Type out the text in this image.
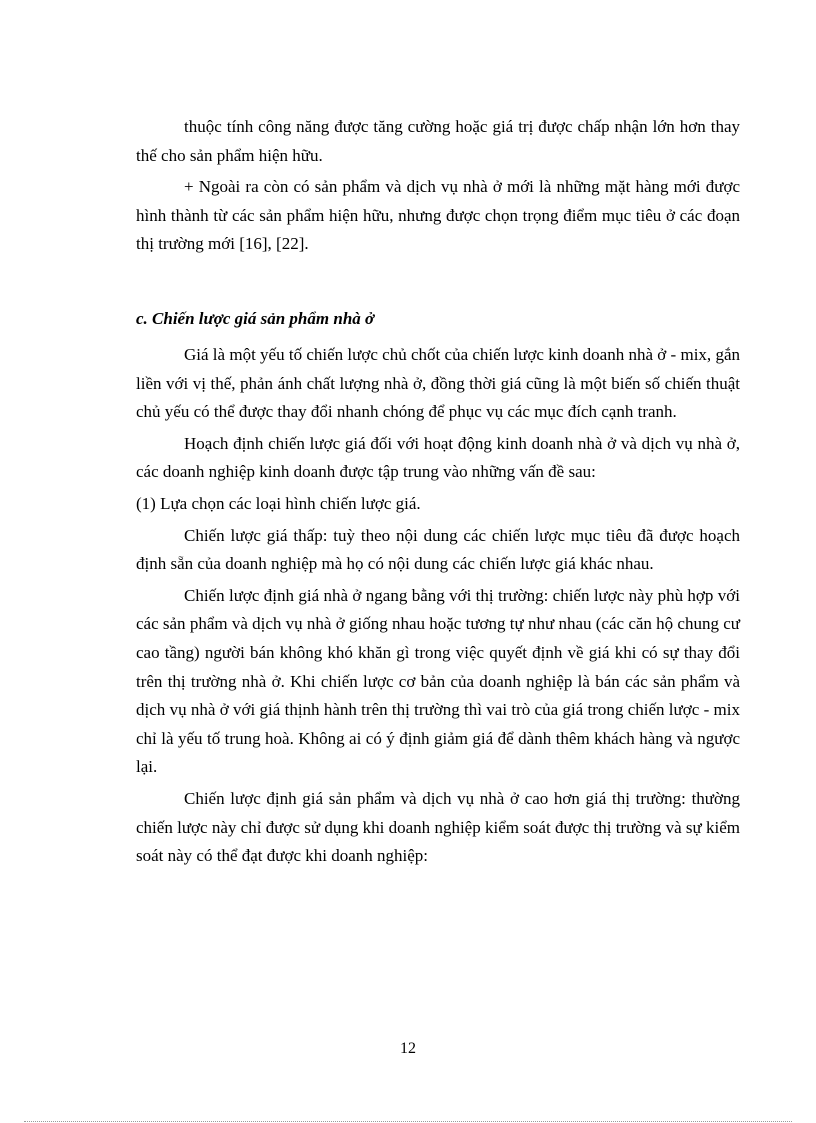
thuộc tính công năng được tăng cường hoặc giá trị được chấp nhận lớn hơn thay thế cho sản phẩm hiện hữu.

+ Ngoài ra còn có sản phẩm và dịch vụ nhà ở mới là những mặt hàng mới được hình thành từ các sản phẩm hiện hữu, nhưng được chọn trọng điểm mục tiêu ở các đoạn thị trường mới [16], [22].

c. Chiến lược giá sản phẩm nhà ở

Giá là một yếu tố chiến lược chủ chốt của chiến lược kinh doanh nhà ở - mix, gắn liền với vị thế, phản ánh chất lượng nhà ở, đồng thời giá cũng là một biến số chiến thuật chủ yếu có thể được thay đổi nhanh chóng để phục vụ các mục đích cạnh tranh.

Hoạch định chiến lược giá đối với hoạt động kinh doanh nhà ở và dịch vụ nhà ở, các doanh nghiệp kinh doanh được tập trung vào những vấn đề sau:

(1) Lựa chọn các loại hình chiến lược giá.

Chiến lược giá thấp: tuỳ theo nội dung các chiến lược mục tiêu đã được hoạch định sẵn của doanh nghiệp mà họ có nội dung các chiến lược giá khác nhau.

Chiến lược định giá nhà ở ngang bằng với thị trường: chiến lược này phù hợp với các sản phẩm và dịch vụ nhà ở giống nhau hoặc tương tự như nhau (các căn hộ chung cư cao tầng) người bán không khó khăn gì trong việc quyết định về giá khi có sự thay đổi trên thị trường nhà ở. Khi chiến lược cơ bản của doanh nghiệp là bán các sản phẩm và dịch vụ nhà ở với giá thịnh hành trên thị trường thì vai trò của giá trong chiến lược - mix chỉ là yếu tố trung hoà. Không ai có ý định giảm giá để dành thêm khách hàng và ngược lại.

Chiến lược định giá sản phẩm và dịch vụ nhà ở cao hơn giá thị trường: thường chiến lược này chỉ được sử dụng khi doanh nghiệp kiểm soát được thị trường và sự kiểm soát này có thể đạt được khi doanh nghiệp:

12
